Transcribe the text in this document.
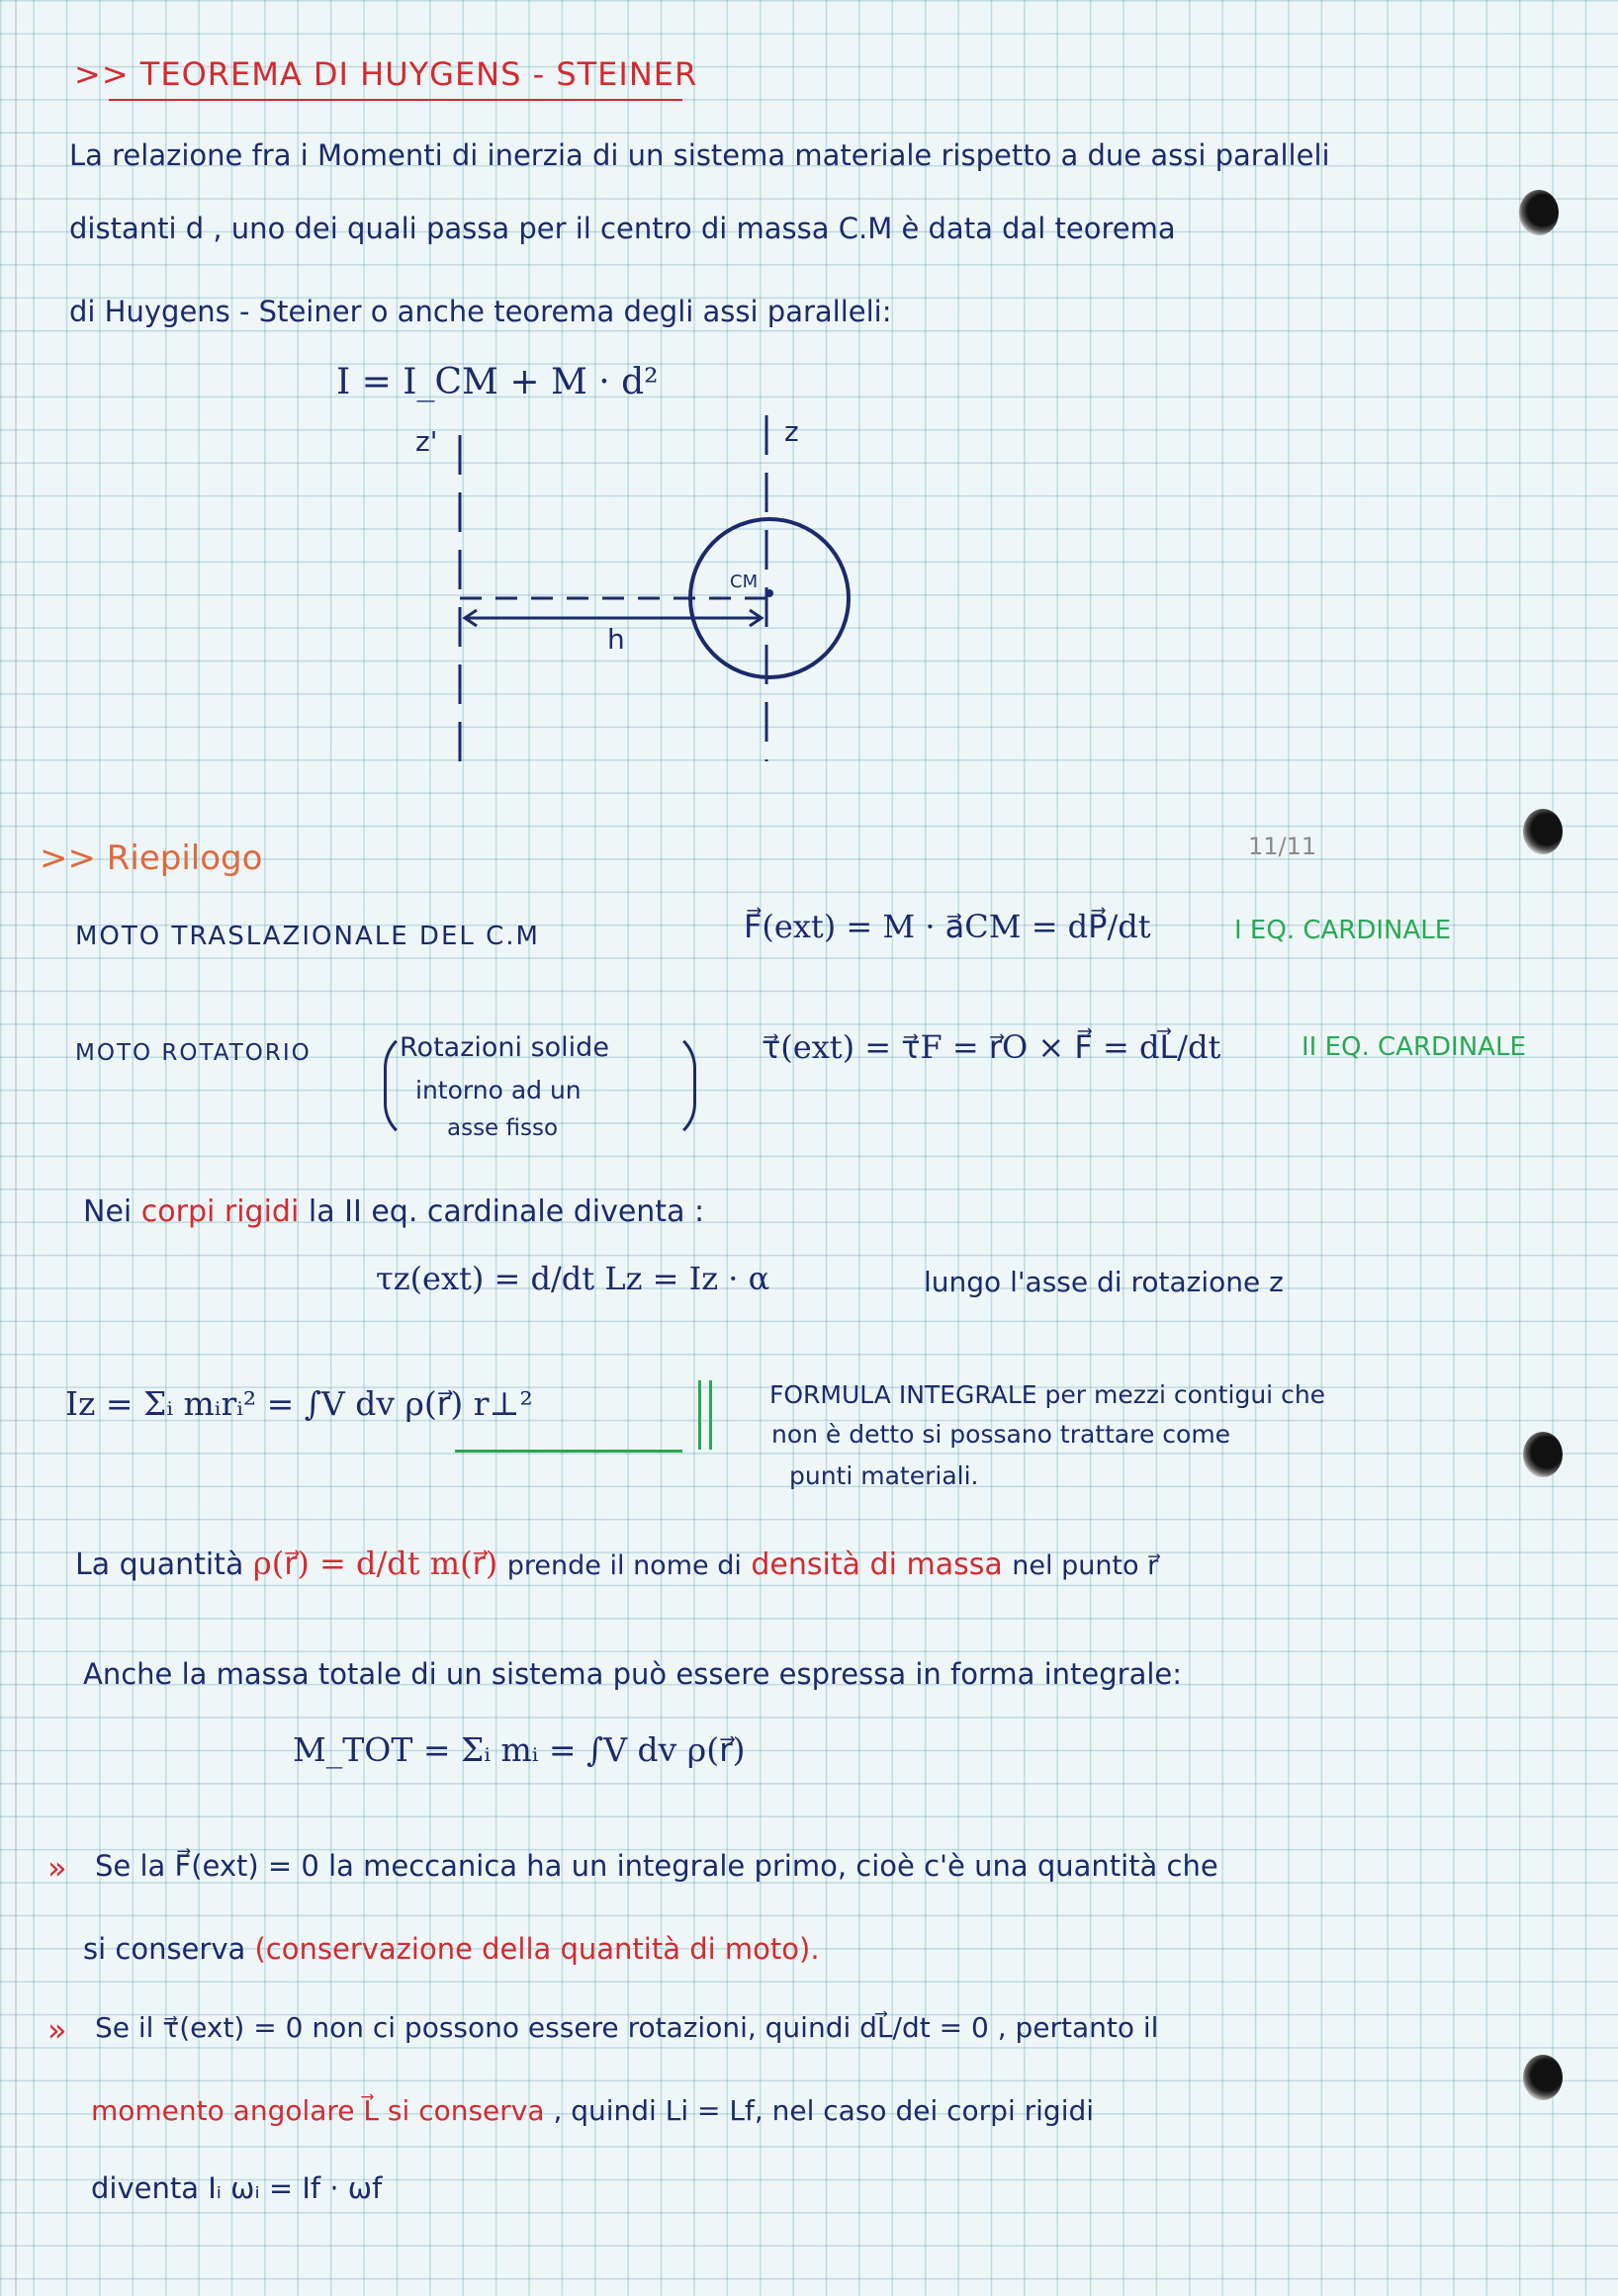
>> TEOREMA DI HUYGENS - STEINER
La relazione fra i Momenti di inerzia di un sistema materiale rispetto a due assi paralleli
distanti d , uno dei quali passa per il centro di massa C.M è data dal teorema
di Huygens - Steiner o anche teorema degli assi paralleli:
I = I_CM + M · d²
z'	z
CM
h
>> Riepilogo	11/11
MOTO TRASLAZIONALE DEL C.M	F⃗(ext) = M · a⃗CM = dP⃗/dt	I EQ. CARDINALE
MOTO ROTATORIO	Rotazioni solide
intorno ad un
asse fisso
τ⃗(ext) = τ⃗F = r⃗O × F⃗ = dL⃗/dt	II EQ. CARDINALE
Nei corpi rigidi la II eq. cardinale diventa :
τz(ext) = d/dt Lz = Iz · α	lungo l'asse di rotazione z
Iz = Σᵢ mᵢrᵢ² = ∫V dv ρ(r⃗) r⊥²	FORMULA INTEGRALE per mezzi contigui che
non è detto si possano trattare come
punti materiali.
La quantità ρ(r⃗) = d/dt m(r⃗) prende il nome di densità di massa nel punto r⃗
Anche la massa totale di un sistema può essere espressa in forma integrale:
M_TOT = Σᵢ mᵢ = ∫V dv ρ(r⃗)
» Se la F⃗(ext) = 0 la meccanica ha un integrale primo, cioè c'è una quantità che
si conserva (conservazione della quantità di moto).
» Se il τ⃗(ext) = 0 non ci possono essere rotazioni, quindi dL⃗/dt = 0 , pertanto il
momento angolare L⃗ si conserva , quindi Li = Lf, nel caso dei corpi rigidi
diventa Iᵢ ωᵢ = If · ωf
